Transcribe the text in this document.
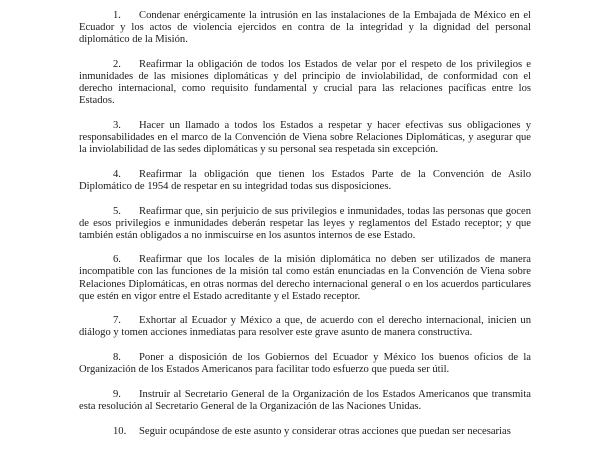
1. Condenar enérgicamente la intrusión en las instalaciones de la Embajada de México en el Ecuador y los actos de violencia ejercidos en contra de la integridad y la dignidad del personal diplomático de la Misión.

2. Reafirmar la obligación de todos los Estados de velar por el respeto de los privilegios e inmunidades de las misiones diplomáticas y del principio de inviolabilidad, de conformidad con el derecho internacional, como requisito fundamental y crucial para las relaciones pacíficas entre los Estados.

3. Hacer un llamado a todos los Estados a respetar y hacer efectivas sus obligaciones y responsabilidades en el marco de la Convención de Viena sobre Relaciones Diplomáticas, y asegurar que la inviolabilidad de las sedes diplomáticas y su personal sea respetada sin excepción.

4. Reafirmar la obligación que tienen los Estados Parte de la Convención de Asilo Diplomático de 1954 de respetar en su integridad todas sus disposiciones.

5. Reafirmar que, sin perjuicio de sus privilegios e inmunidades, todas las personas que gocen de esos privilegios e inmunidades deberán respetar las leyes y reglamentos del Estado receptor; y que también están obligados a no inmiscuirse en los asuntos internos de ese Estado.

6. Reafirmar que los locales de la misión diplomática no deben ser utilizados de manera incompatible con las funciones de la misión tal como están enunciadas en la Convención de Viena sobre Relaciones Diplomáticas, en otras normas del derecho internacional general o en los acuerdos particulares que estén en vigor entre el Estado acreditante y el Estado receptor.

7. Exhortar al Ecuador y México a que, de acuerdo con el derecho internacional, inicien un diálogo y tomen acciones inmediatas para resolver este grave asunto de manera constructiva.

8. Poner a disposición de los Gobiernos del Ecuador y México los buenos oficios de la Organización de los Estados Americanos para facilitar todo esfuerzo que pueda ser útil.

9. Instruir al Secretario General de la Organización de los Estados Americanos que transmita esta resolución al Secretario General de la Organización de las Naciones Unidas.

10. Seguir ocupándose de este asunto y considerar otras acciones que puedan ser necesarias
